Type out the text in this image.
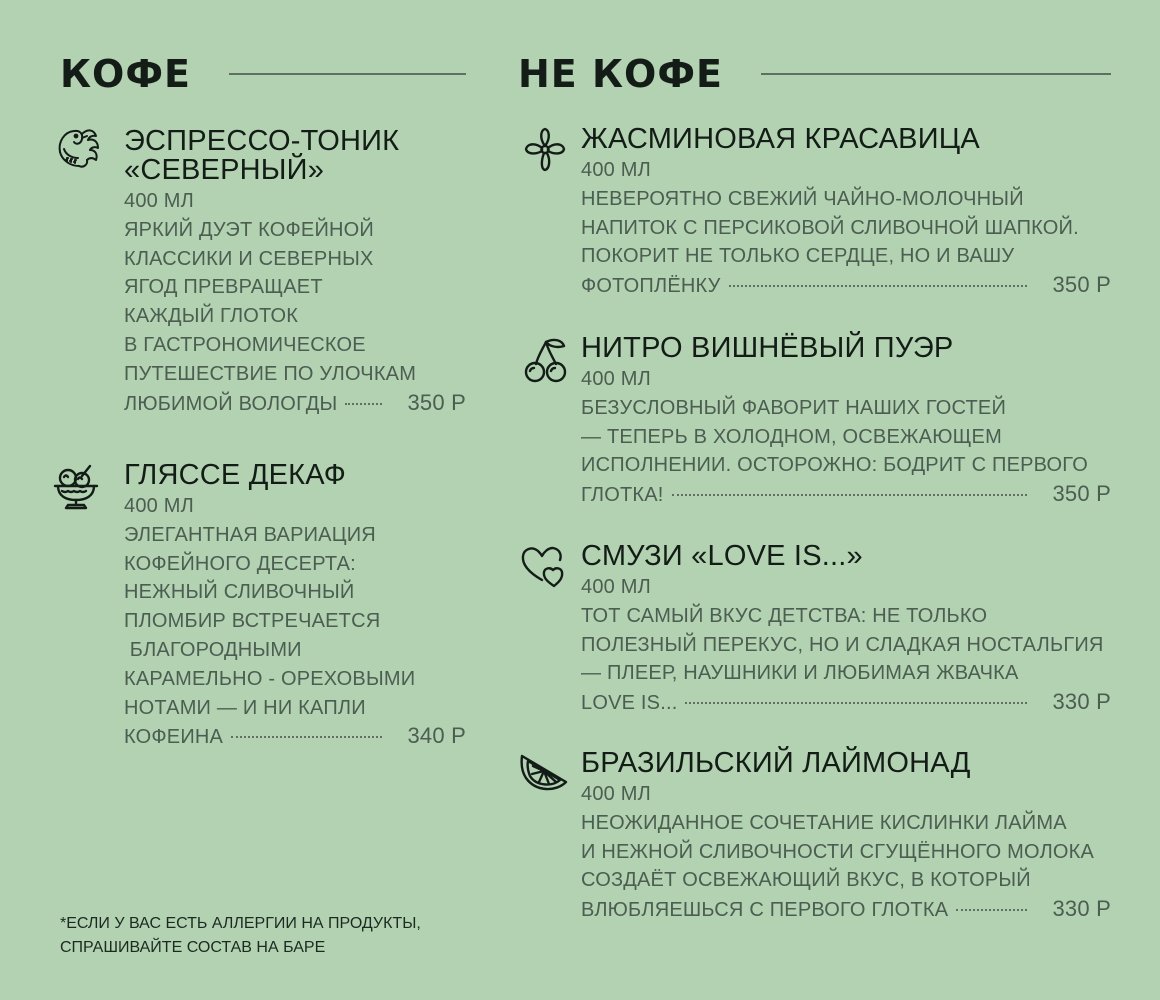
КОФЕ	НЕ КОФЕ
ЭСПРЕССО-ТОНИК
«СЕВЕРНЫЙ»
400 МЛ
ЯРКИЙ ДУЭТ КОФЕЙНОЙ
КЛАССИКИ И СЕВЕРНЫХ
ЯГОД ПРЕВРАЩАЕТ
КАЖДЫЙ ГЛОТОК
В ГАСТРОНОМИЧЕСКОЕ
ПУТЕШЕСТВИЕ ПО УЛОЧКАМ
ЛЮБИМОЙ ВОЛОГДЫ	350 Р
ГЛЯССЕ ДЕКАФ
400 МЛ
ЭЛЕГАНТНАЯ ВАРИАЦИЯ
КОФЕЙНОГО ДЕСЕРТА:
НЕЖНЫЙ СЛИВОЧНЫЙ
ПЛОМБИР ВСТРЕЧАЕТСЯ
БЛАГОРОДНЫМИ
КАРАМЕЛЬНО - ОРЕХОВЫМИ
НОТАМИ — И НИ КАПЛИ
КОФЕИНА	340 Р
ЖАСМИНОВАЯ КРАСАВИЦА
400 МЛ
НЕВЕРОЯТНО СВЕЖИЙ ЧАЙНО-МОЛОЧНЫЙ
НАПИТОК С ПЕРСИКОВОЙ СЛИВОЧНОЙ ШАПКОЙ.
ПОКОРИТ НЕ ТОЛЬКО СЕРДЦЕ, НО И ВАШУ
ФОТОПЛЁНКУ	350 Р
НИТРО ВИШНЁВЫЙ ПУЭР
400 МЛ
БЕЗУСЛОВНЫЙ ФАВОРИТ НАШИХ ГОСТЕЙ
— ТЕПЕРЬ В ХОЛОДНОМ, ОСВЕЖАЮЩЕМ
ИСПОЛНЕНИИ. ОСТОРОЖНО: БОДРИТ С ПЕРВОГО
ГЛОТКА!	350 Р
СМУЗИ «LOVE IS...»
400 МЛ
ТОТ САМЫЙ ВКУС ДЕТСТВА: НЕ ТОЛЬКО
ПОЛЕЗНЫЙ ПЕРЕКУС, НО И СЛАДКАЯ НОСТАЛЬГИЯ
— ПЛЕЕР, НАУШНИКИ И ЛЮБИМАЯ ЖВАЧКА
LOVE IS...	330 Р
БРАЗИЛЬСКИЙ ЛАЙМОНАД
400 МЛ
НЕОЖИДАННОЕ СОЧЕТАНИЕ КИСЛИНКИ ЛАЙМА
И НЕЖНОЙ СЛИВОЧНОСТИ СГУЩЁННОГО МОЛОКА
СОЗДАЁТ ОСВЕЖАЮЩИЙ ВКУС, В КОТОРЫЙ
ВЛЮБЛЯЕШЬСЯ С ПЕРВОГО ГЛОТКА	330 Р
*ЕСЛИ У ВАС ЕСТЬ АЛЛЕРГИИ НА ПРОДУКТЫ,
СПРАШИВАЙТЕ СОСТАВ НА БАРЕ
